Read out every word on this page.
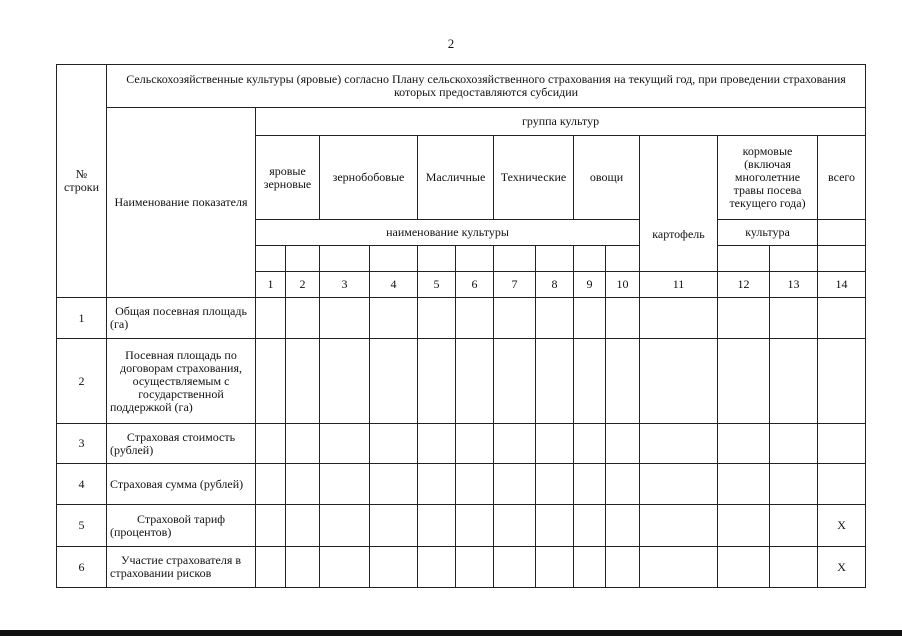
2
№ строки	Сельскохозяйственные культуры (яровые) согласно Плану сельскохозяйственного страхования на текущий год, при проведении страхования которых предоставляются субсидии															
	Наименование показателя	группа культур														
		яровые зерновые		зернобобовые		Масличные		Технические		овощи		картофель	кормовые (включая многолетние травы посева текущего года)		всего	
		наименование культуры											культура			

		1	2	3	4	5	6	7	8	9	10	11	12	13	14		
1	Общая посевная площадь (га)															
2	Посевная площадь по договорам страхования, осуществляемым с государственной поддержкой (га)															
3	Страховая стоимость (рублей)															
4	Страховая сумма (рублей)															
5	Страховой тариф (процентов)														Х	
6	Участие страхователя в страховании рисков														Х	
